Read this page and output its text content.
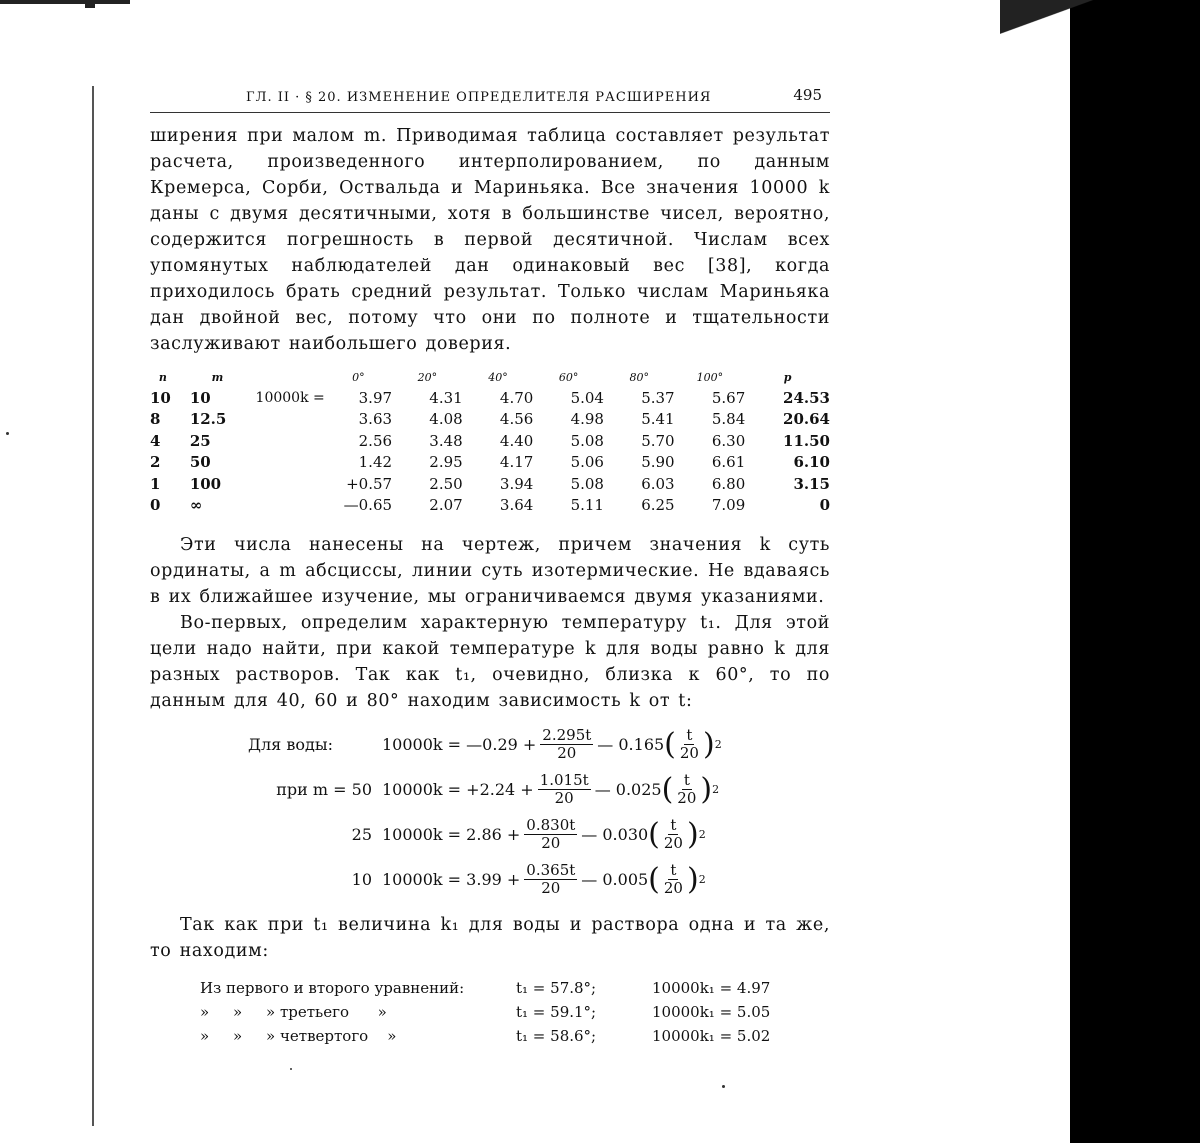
ГЛ. II · § 20. ИЗМЕНЕНИЕ ОПРЕДЕЛИТЕЛЯ РАСШИРЕНИЯ	495

ширения при малом m. Приводимая таблица составляет результат расчета, произведенного интерполированием, по данным Кремерса, Сорби, Оствальда и Мариньяка. Все значения 10000 k даны с двумя десятичными, хотя в большинстве чисел, вероятно, содержится погрешность в первой десятичной. Числам всех упомянутых наблюдателей дан одинаковый вес [38], когда приходилось брать средний результат. Только числам Мариньяка дан двойной вес, потому что они по полноте и тщательности заслуживают наибольшего доверия.

n	m		0°	20°	40°	60°	80°	100°	p
10	10	10000k =	3.97	4.31	4.70	5.04	5.37	5.67	24.53
8	12.5		3.63	4.08	4.56	4.98	5.41	5.84	20.64
4	25		2.56	3.48	4.40	5.08	5.70	6.30	11.50
2	50		1.42	2.95	4.17	5.06	5.90	6.61	6.10
1	100		+0.57	2.50	3.94	5.08	6.03	6.80	3.15
0	∞		—0.65	2.07	3.64	5.11	6.25	7.09	0

Эти числа нанесены на чертеж, причем значения k суть ординаты, а m абсциссы, линии суть изотермические. Не вдаваясь в их ближайшее изучение, мы ограничиваемся двумя указаниями.

Во-первых, определим характерную температуру t₁. Для этой цели надо найти, при какой температуре k для воды равно k для разных растворов. Так как t₁, очевидно, близка к 60°, то по данным для 40, 60 и 80° находим зависимость k от t:

Для воды:	10000k = —0.29 + $\frac{2.295t}{20}$ — 0.165 ( $\frac{t}{20}$ ) 2
при m = 50 $10000k = +2.24 + \frac{1.015t}{20}$ — 0.025 ( $\frac{t}{20}$ ) 2
25 $10000k = 2.86 + \frac{0.830t}{20}$ — 0.030 ( $\frac{t}{20}$ ) 2
10 $10000k = 3.99 + \frac{0.365t}{20}$ — 0.005 ( $\frac{t}{20}$ ) 2

Так как при t₁ величина k₁ для воды и раствора одна и та же, то находим:

Из первого и второго уравнений:	t₁ = 57.8°;	10000k₁ = 4.97
»     »     » третьего      »	t₁ = 59.1°;	10000k₁ = 5.05
»     »     » четвертого    »	t₁ = 58.6°;	10000k₁ = 5.02
